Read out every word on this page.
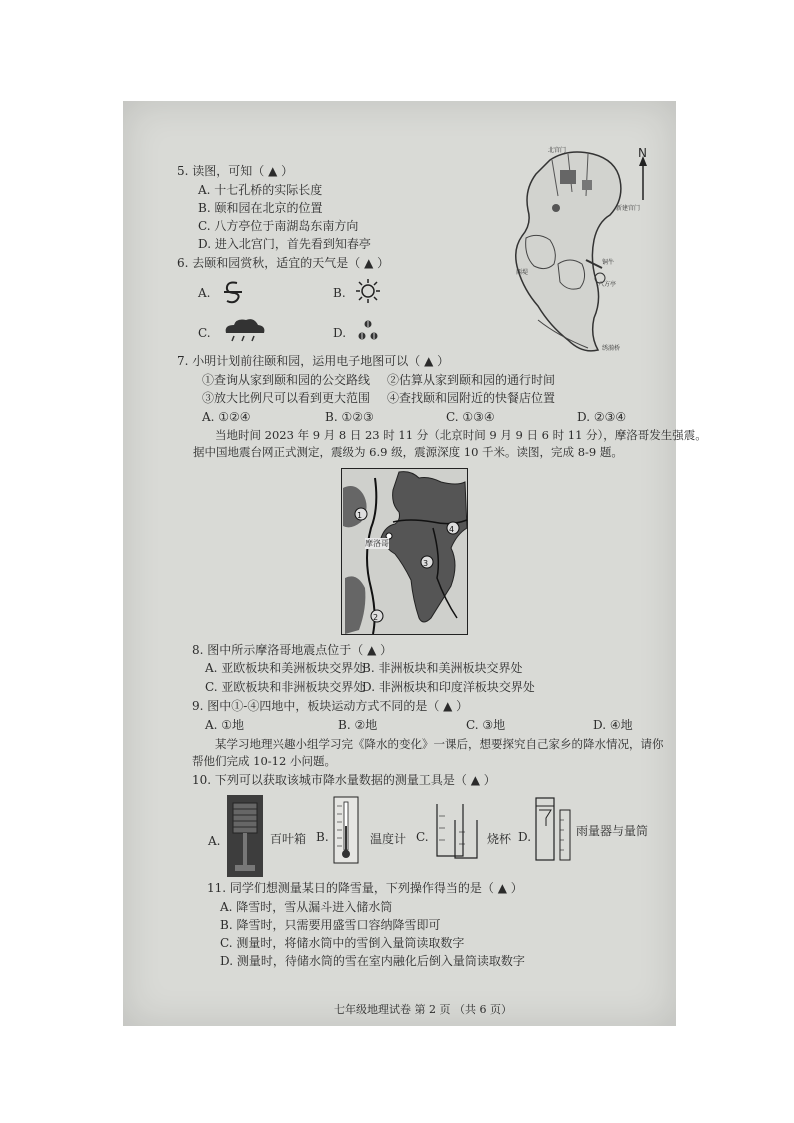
5. 读图，可知（ ▲ ）
A. 十七孔桥的实际长度
B. 颐和园在北京的位置
C. 八方亭位于南湖岛东南方向
D. 进入北宫门，首先看到知春亭
新建宫门
铜牛
八方亭
绣漪桥
西堤
北宫门	N
6. 去颐和园赏秋，适宜的天气是（ ▲ ）
A.	B.
C.	D.
7. 小明计划前往颐和园，运用电子地图可以（ ▲ ）
①查询从家到颐和园的公交路线 ②估算从家到颐和园的通行时间
③放大比例尺可以看到更大范围 ④查找颐和园附近的快餐店位置
A. ①②④	B. ①②③	C. ①③④	D. ②③④
当地时间 2023 年 9 月 8 日 23 时 11 分（北京时间 9 月 9 日 6 时 11 分），摩洛哥发生强震。
据中国地震台网正式测定，震级为 6.9 级，震源深度 10 千米。读图，完成 8-9 题。
1
2
3
4
摩洛哥
8. 图中所示摩洛哥地震点位于（ ▲ ）
A. 亚欧板块和美洲板块交界处
B. 非洲板块和美洲板块交界处
C. 亚欧板块和非洲板块交界处
D. 非洲板块和印度洋板块交界处
9. 图中①-④四地中，板块运动方式不同的是（ ▲ ）
A. ①地	B. ②地	C. ③地	D. ④地
某学习地理兴趣小组学习完《降水的变化》一课后，想要探究自己家乡的降水情况，请你
帮他们完成 10-12 小问题。
10. 下列可以获取该城市降水量数据的测量工具是（ ▲ ）
A.	百叶箱 B.	温度计 C.	烧杯 D.	雨量器与量筒
11. 同学们想测量某日的降雪量，下列操作得当的是（ ▲ ）
A. 降雪时，雪从漏斗进入储水筒
B. 降雪时，只需要用盛雪口容纳降雪即可
C. 测量时，将储水筒中的雪倒入量筒读取数字
D. 测量时，待储水筒的雪在室内融化后倒入量筒读取数字
七年级地理试卷 第 2 页 （共 6 页）
